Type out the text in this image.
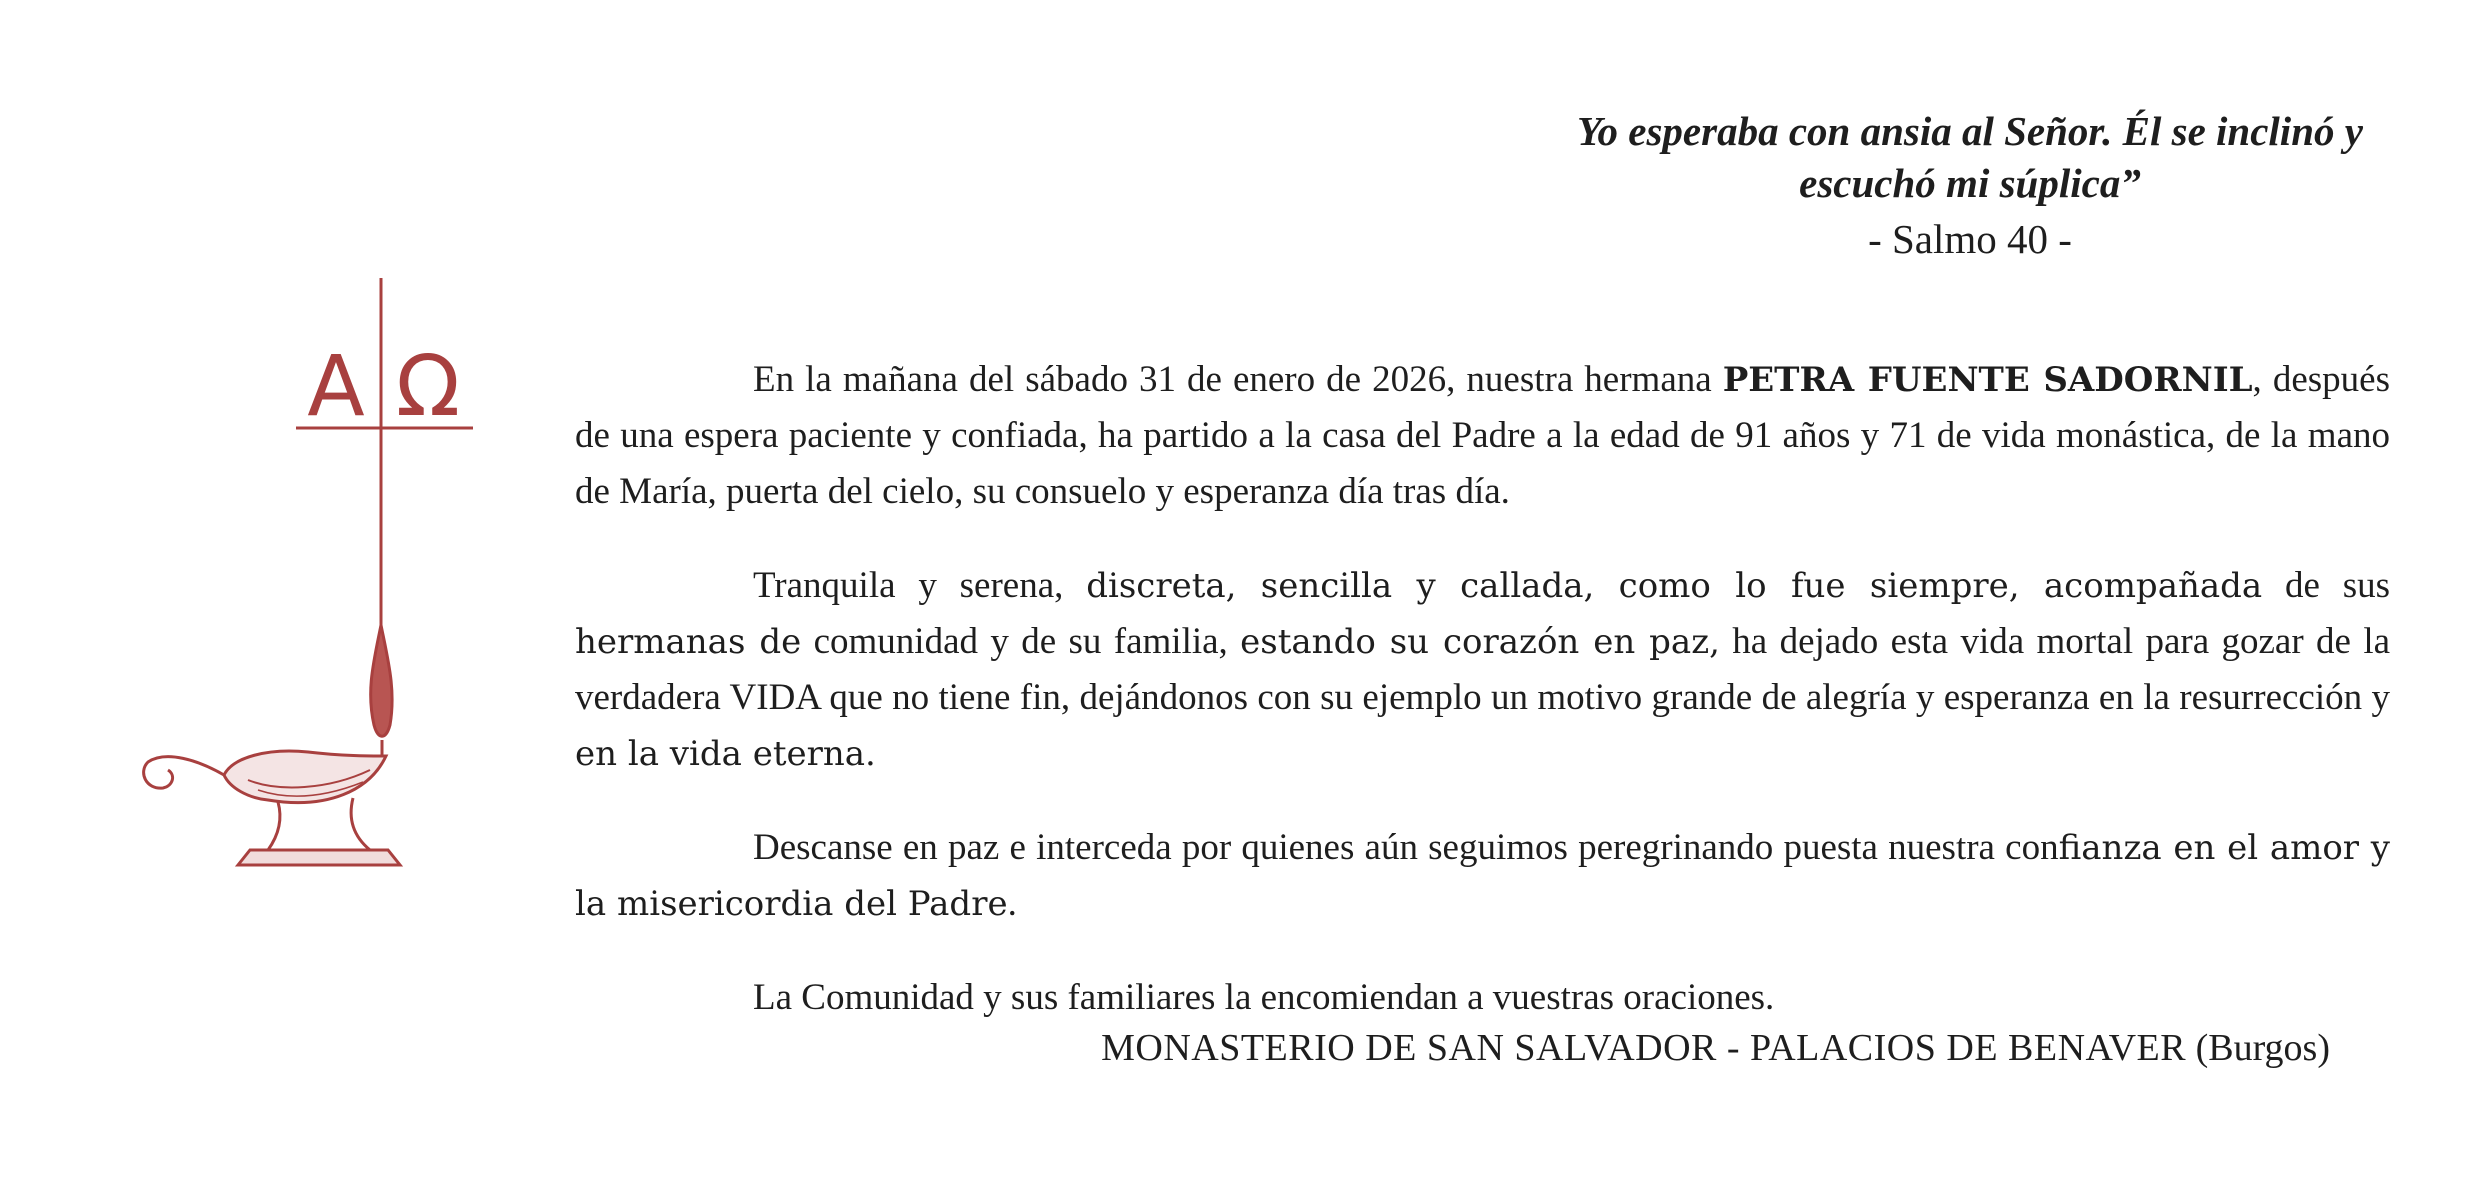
A Ω

Yo esperaba con ansia al Señor. Él se inclinó y
escuchó mi súplica”

- Salmo 40 -

En la mañana del sábado 31 de enero de 2026, nuestra hermana PETRA FUENTE SADORNIL, después de una espera paciente y confiada, ha partido a la casa del Padre a la edad de 91 años y 71 de vida monástica, de la mano de María, puerta del cielo, su consuelo y esperanza día tras día.

Tranquila y serena, discreta, sencilla y callada, como lo fue siempre, acompañada de sus hermanas de comunidad y de su familia, estando su corazón en paz, ha dejado esta vida mortal para gozar de la verdadera VIDA que no tiene fin, dejándonos con su ejemplo un motivo grande de alegría y esperanza en la resurrección y en la vida eterna.

Descanse en paz e interceda por quienes aún seguimos peregrinando puesta nuestra confianza en el amor y la misericordia del Padre.

La Comunidad y sus familiares la encomiendan a vuestras oraciones.

MONASTERIO DE SAN SALVADOR - PALACIOS DE BENAVER (Burgos)
